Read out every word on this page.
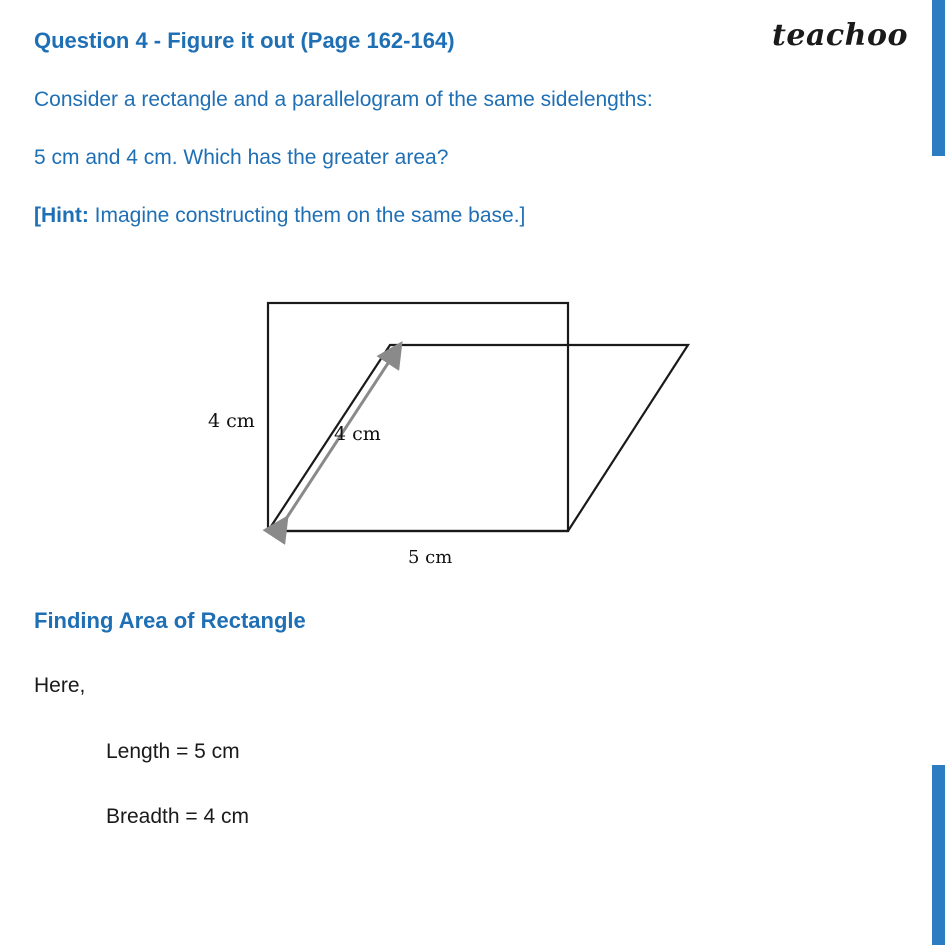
teachoo
Question 4 - Figure it out (Page 162-164)
Consider a rectangle and a parallelogram of the same sidelengths:
5 cm and 4 cm. Which has the greater area?
[Hint: Imagine constructing them on the same base.]
4 cm
4 cm
5 cm
Finding Area of Rectangle
Here,
Length = 5 cm
Breadth = 4 cm
